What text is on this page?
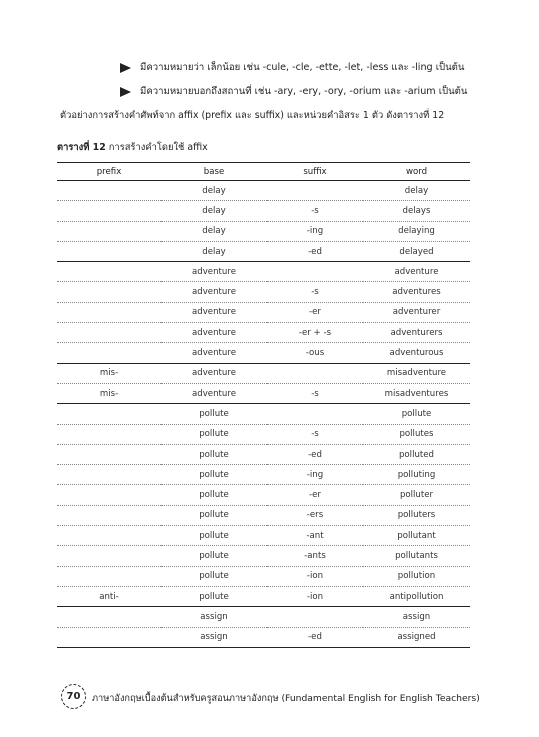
มีความหมายว่า เล็กน้อย เช่น -cule, -cle, -ette, -let, -less และ -ling เป็นต้น
มีความหมายบอกถึงสถานที่ เช่น -ary, -ery, -ory, -orium และ -arium เป็นต้น
ตัวอย่างการสร้างคำศัพท์จาก affix (prefix และ suffix) และหน่วยคำอิสระ 1 ตัว ดังตารางที่ 12
ตารางที่ 12 การสร้างคำโดยใช้ affix
prefix	base	suffix	word
	delay		delay
	delay	-s	delays
	delay	-ing	delaying
	delay	-ed	delayed
	adventure		adventure
	adventure	-s	adventures
	adventure	-er	adventurer
	adventure	-er + -s	adventurers
	adventure	-ous	adventurous
mis-	adventure		misadventure
mis-	adventure	-s	misadventures
	pollute		pollute
	pollute	-s	pollutes
	pollute	-ed	polluted
	pollute	-ing	polluting
	pollute	-er	polluter
	pollute	-ers	polluters
	pollute	-ant	pollutant
	pollute	-ants	pollutants
	pollute	-ion	pollution
anti-	pollute	-ion	antipollution
	assign		assign
	assign	-ed	assigned
70	ภาษาอังกฤษเบื้องต้นสำหรับครูสอนภาษาอังกฤษ (Fundamental English for English Teachers)
